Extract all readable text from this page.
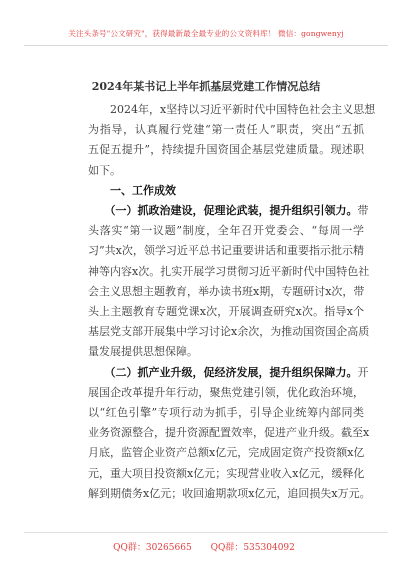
关注头条号"公文研究"，获得最新最全最专业的公文资料库！ 微信：gongwenyj
2024年某书记上半年抓基层党建工作情况总结
　　2024年，x坚持以习近平新时代中国特色社会主义思想
为指导，认真履行党建“第一责任人”职责，突出“五抓
五促五提升”，持续提升国资国企基层党建质量。现述职
如下。
　　一、工作成效
　　（一）抓政治建设，促理论武装，提升组织引领力。带
头落实“第一议题”制度，全年召开党委会、“每周一学
习”共x次，领学习近平总书记重要讲话和重要指示批示精
神等内容x次。扎实开展学习贯彻习近平新时代中国特色社
会主义思想主题教育，举办读书班x期，专题研讨x次，带
头上主题教育专题党课x次，开展调查研究x次。指导x个
基层党支部开展集中学习讨论x余次，为推动国资国企高质
量发展提供思想保障。
　　（二）抓产业升级，促经济发展，提升组织保障力。开
展国企改革提升年行动，聚焦党建引领，优化政治环境，
以“红色引擎”专项行动为抓手，引导企业统筹内部同类
业务资源整合，提升资源配置效率，促进产业升级。截至x
月底，监管企业资产总额x亿元，完成固定资产投资额x亿
元，重大项目投资额x亿元；实现营业收入x亿元，缓释化
解到期债务x亿元；收回逾期款项x亿元，追回损失x万元。
QQ群：30265665 QQ群：535304092
